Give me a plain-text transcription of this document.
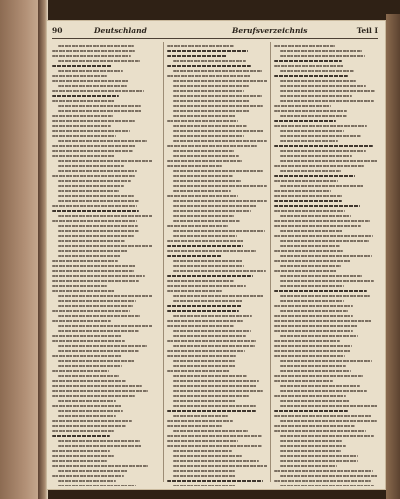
90	Deutschland	Berufsverzeichnis	Teil I
